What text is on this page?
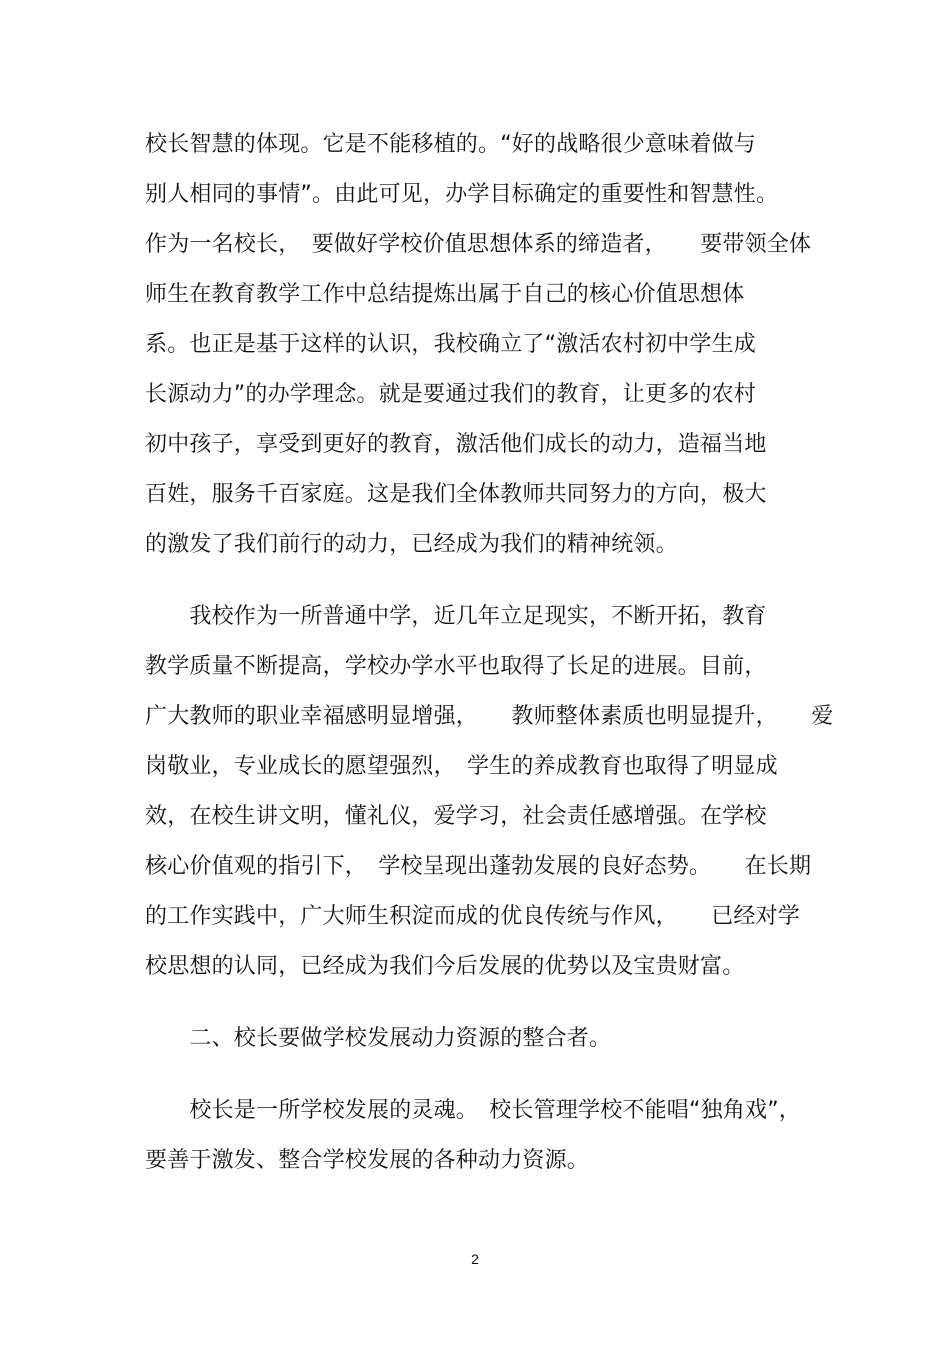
校长智慧的体现。它是不能移植的。“好的战略很少意味着做与
别人相同的事情”。由此可见，办学目标确定的重要性和智慧性。
作为一名校长，　要做好学校价值思想体系的缔造者，　　要带领全体
师生在教育教学工作中总结提炼出属于自己的核心价值思想体
系。也正是基于这样的认识，我校确立了“激活农村初中学生成
长源动力”的办学理念。就是要通过我们的教育，让更多的农村
初中孩子，享受到更好的教育，激活他们成长的动力，造福当地
百姓，服务千百家庭。这是我们全体教师共同努力的方向，极大
的激发了我们前行的动力，已经成为我们的精神统领。
　　我校作为一所普通中学，近几年立足现实，不断开拓，教育
教学质量不断提高，学校办学水平也取得了长足的进展。目前，
广大教师的职业幸福感明显增强，　　教师整体素质也明显提升，　　爱
岗敬业，专业成长的愿望强烈，　学生的养成教育也取得了明显成
效，在校生讲文明，懂礼仪，爱学习，社会责任感增强。在学校
核心价值观的指引下，　学校呈现出蓬勃发展的良好态势。　　在长期
的工作实践中，广大师生积淀而成的优良传统与作风，　　已经对学
校思想的认同，已经成为我们今后发展的优势以及宝贵财富。
　　二、校长要做学校发展动力资源的整合者。
　　校长是一所学校发展的灵魂。　校长管理学校不能唱“独角戏”，
要善于激发、整合学校发展的各种动力资源。
2
